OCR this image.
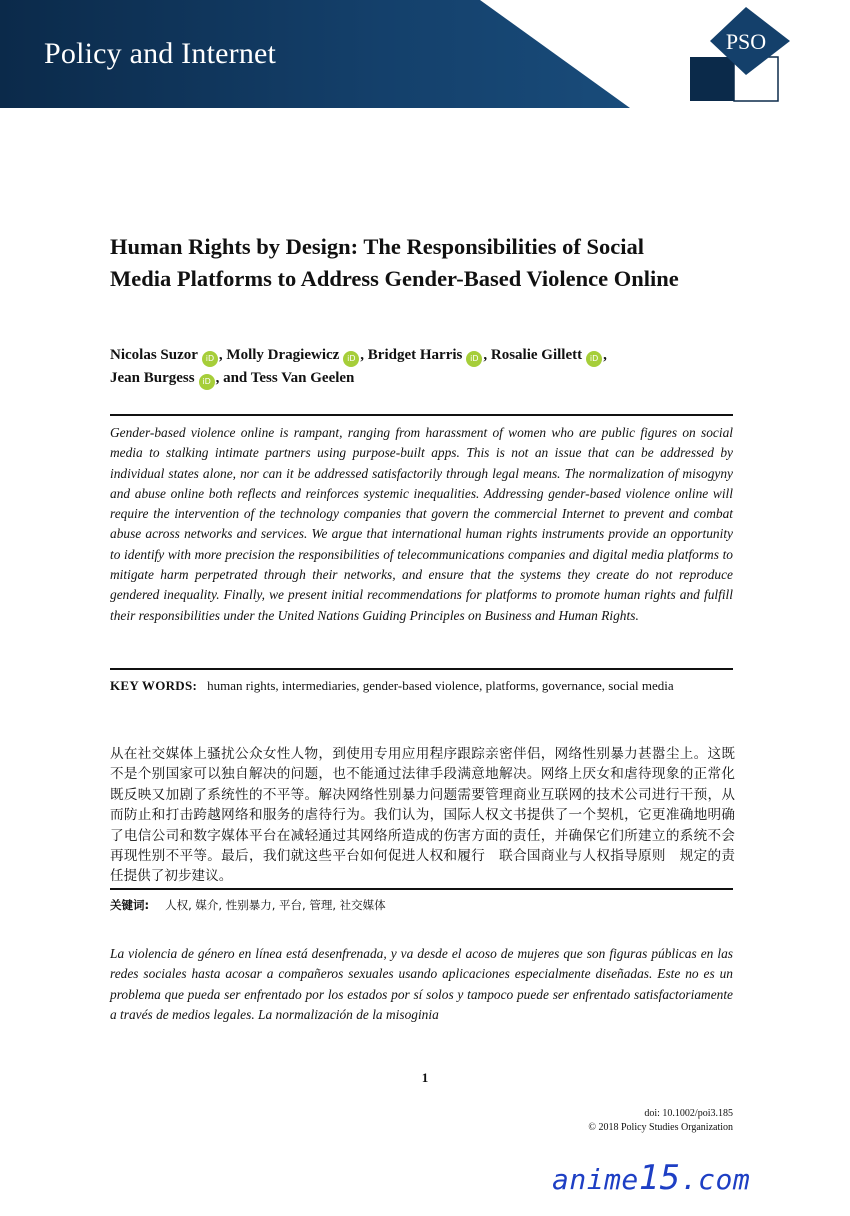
Policy and Internet	PSO
Human Rights by Design: The Responsibilities of Social Media Platforms to Address Gender-Based Violence Online
Nicolas Suzor iD , Molly Dragiewicz iD , Bridget Harris iD , Rosalie Gillett iD ,
Jean Burgess iD , and Tess Van Geelen
Gender-based violence online is rampant, ranging from harassment of women who are public figures on social media to stalking intimate partners using purpose-built apps. This is not an issue that can be addressed by individual states alone, nor can it be addressed satisfactorily through legal means. The normalization of misogyny and abuse online both reflects and reinforces systemic inequalities. Addressing gender-based violence online will require the intervention of the technology companies that govern the commercial Internet to prevent and combat abuse across networks and services. We argue that international human rights instruments provide an opportunity to identify with more precision the responsibilities of telecommunications companies and digital media platforms to mitigate harm perpetrated through their networks, and ensure that the systems they create do not reproduce gendered inequality. Finally, we present initial recommendations for platforms to promote human rights and fulfill their responsibilities under the United Nations Guiding Principles on Business and Human Rights.
KEY WORDS: human rights, intermediaries, gender-based violence, platforms, governance, social media
从在社交媒体上骚扰公众女性人物，到使用专用应用程序跟踪亲密伴侣，网络性别暴力甚嚣尘上。这既不是个别国家可以独自解决的问题，也不能通过法律手段满意地解决。网络上厌女和虐待现象的正常化既反映又加剧了系统性的不平等。解决网络性别暴力问题需要管理商业互联网的技术公司进行干预，从而防止和打击跨越网络和服务的虐待行为。我们认为，国际人权文书提供了一个契机，它更准确地明确了电信公司和数字媒体平台在减轻通过其网络所造成的伤害方面的责任，并确保它们所建立的系统不会再现性别不平等。最后，我们就这些平台如何促进人权和履行　联合国商业与人权指导原则　规定的责任提供了初步建议。
关键词: 人权, 媒介, 性别暴力, 平台, 管理, 社交媒体
La violencia de género en línea está desenfrenada, y va desde el acoso de mujeres que son figuras públicas en las redes sociales hasta acosar a compañeros sexuales usando aplicaciones especialmente diseñadas. Este no es un problema que pueda ser enfrentado por los estados por sí solos y tampoco puede ser enfrentado satisfactoriamente a través de medios legales. La normalización de la misoginia
1
doi: 10.1002/poi3.185
© 2018 Policy Studies Organization
anime15.com
